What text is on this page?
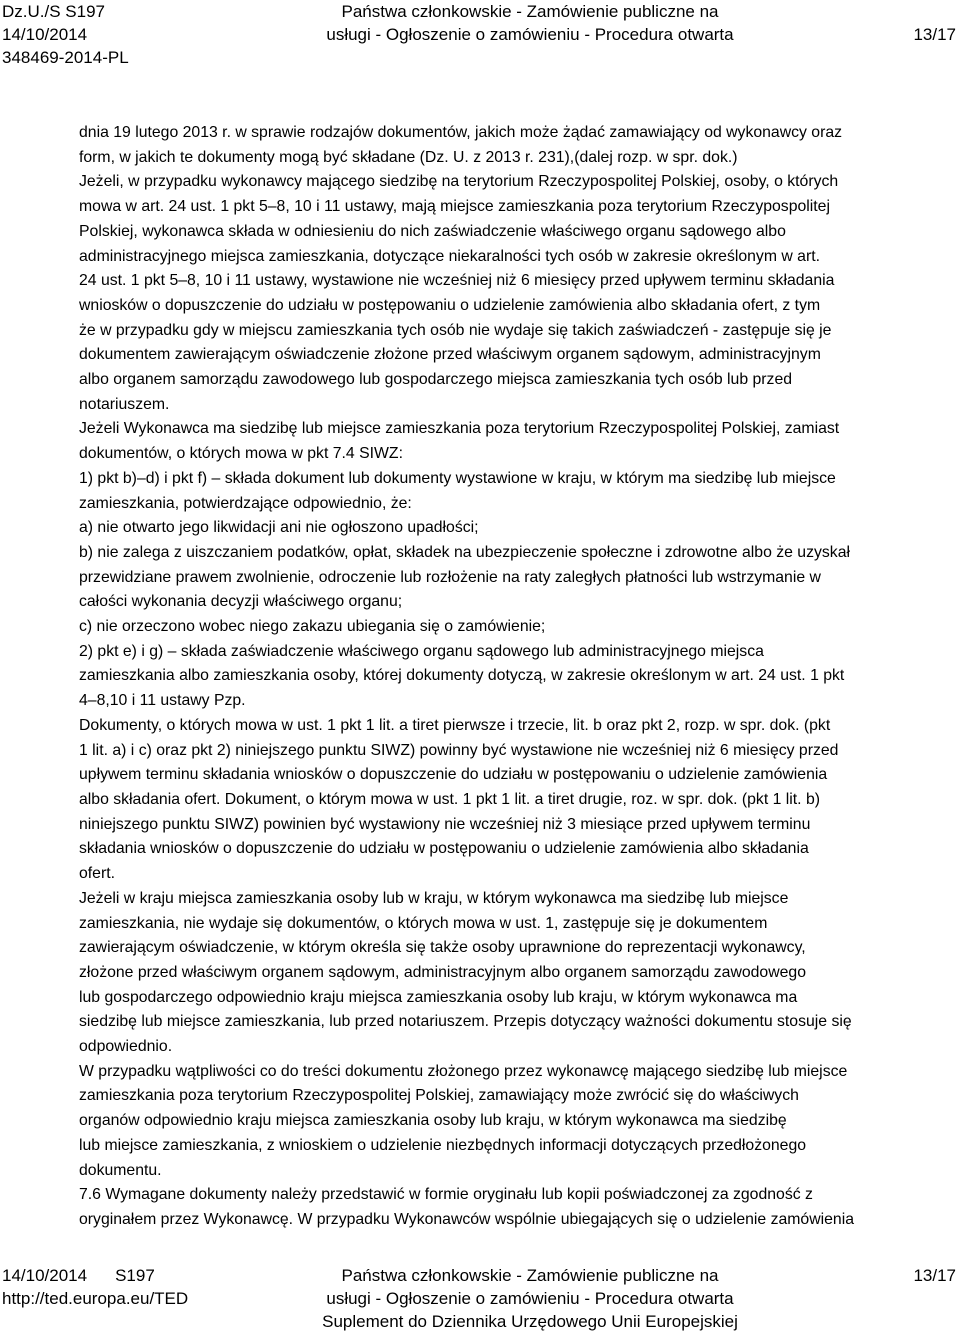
Dz.U./S S197
14/10/2014
348469-2014-PL
Państwa członkowskie - Zamówienie publiczne na
usługi - Ogłoszenie o zamówieniu - Procedura otwarta	13/17

dnia 19 lutego 2013 r. w sprawie rodzajów dokumentów, jakich może żądać zamawiający od wykonawcy oraz

form, w jakich te dokumenty mogą być składane (Dz. U. z 2013 r. 231),(dalej rozp. w spr. dok.)

Jeżeli, w przypadku wykonawcy mającego siedzibę na terytorium Rzeczypospolitej Polskiej, osoby, o których

mowa w art. 24 ust. 1 pkt 5–8, 10 i 11 ustawy, mają miejsce zamieszkania poza terytorium Rzeczypospolitej

Polskiej, wykonawca składa w odniesieniu do nich zaświadczenie właściwego organu sądowego albo

administracyjnego miejsca zamieszkania, dotyczące niekaralności tych osób w zakresie określonym w art.

24 ust. 1 pkt 5–8, 10 i 11 ustawy, wystawione nie wcześniej niż 6 miesięcy przed upływem terminu składania

wniosków o dopuszczenie do udziału w postępowaniu o udzielenie zamówienia albo składania ofert, z tym

że w przypadku gdy w miejscu zamieszkania tych osób nie wydaje się takich zaświadczeń - zastępuje się je

dokumentem zawierającym oświadczenie złożone przed właściwym organem sądowym, administracyjnym

albo organem samorządu zawodowego lub gospodarczego miejsca zamieszkania tych osób lub przed

notariuszem.

Jeżeli Wykonawca ma siedzibę lub miejsce zamieszkania poza terytorium Rzeczypospolitej Polskiej, zamiast

dokumentów, o których mowa w pkt 7.4 SIWZ:

1) pkt b)–d) i pkt f) – składa dokument lub dokumenty wystawione w kraju, w którym ma siedzibę lub miejsce

zamieszkania, potwierdzające odpowiednio, że:

a) nie otwarto jego likwidacji ani nie ogłoszono upadłości;

b) nie zalega z uiszczaniem podatków, opłat, składek na ubezpieczenie społeczne i zdrowotne albo że uzyskał

przewidziane prawem zwolnienie, odroczenie lub rozłożenie na raty zaległych płatności lub wstrzymanie w

całości wykonania decyzji właściwego organu;

c) nie orzeczono wobec niego zakazu ubiegania się o zamówienie;

2) pkt e) i g) – składa zaświadczenie właściwego organu sądowego lub administracyjnego miejsca

zamieszkania albo zamieszkania osoby, której dokumenty dotyczą, w zakresie określonym w art. 24 ust. 1 pkt

4–8,10 i 11 ustawy Pzp.

Dokumenty, o których mowa w ust. 1 pkt 1 lit. a tiret pierwsze i trzecie, lit. b oraz pkt 2, rozp. w spr. dok. (pkt

1 lit. a) i c) oraz pkt 2) niniejszego punktu SIWZ) powinny być wystawione nie wcześniej niż 6 miesięcy przed

upływem terminu składania wniosków o dopuszczenie do udziału w postępowaniu o udzielenie zamówienia

albo składania ofert. Dokument, o którym mowa w ust. 1 pkt 1 lit. a tiret drugie, roz. w spr. dok. (pkt 1 lit. b)

niniejszego punktu SIWZ) powinien być wystawiony nie wcześniej niż 3 miesiące przed upływem terminu

składania wniosków o dopuszczenie do udziału w postępowaniu o udzielenie zamówienia albo składania

ofert.

Jeżeli w kraju miejsca zamieszkania osoby lub w kraju, w którym wykonawca ma siedzibę lub miejsce

zamieszkania, nie wydaje się dokumentów, o których mowa w ust. 1, zastępuje się je dokumentem

zawierającym oświadczenie, w którym określa się także osoby uprawnione do reprezentacji wykonawcy,

złożone przed właściwym organem sądowym, administracyjnym albo organem samorządu zawodowego

lub gospodarczego odpowiednio kraju miejsca zamieszkania osoby lub kraju, w którym wykonawca ma

siedzibę lub miejsce zamieszkania, lub przed notariuszem. Przepis dotyczący ważności dokumentu stosuje się

odpowiednio.

W przypadku wątpliwości co do treści dokumentu złożonego przez wykonawcę mającego siedzibę lub miejsce

zamieszkania poza terytorium Rzeczypospolitej Polskiej, zamawiający może zwrócić się do właściwych

organów odpowiednio kraju miejsca zamieszkania osoby lub kraju, w którym wykonawca ma siedzibę

lub miejsce zamieszkania, z wnioskiem o udzielenie niezbędnych informacji dotyczących przedłożonego

dokumentu.

7.6 Wymagane dokumenty należy przedstawić w formie oryginału lub kopii poświadczonej za zgodność z

oryginałem przez Wykonawcę. W przypadku Wykonawców wspólnie ubiegających się o udzielenie zamówienia

14/10/2014 S197
http://ted.europa.eu/TED
Państwa członkowskie - Zamówienie publiczne na
usługi - Ogłoszenie o zamówieniu - Procedura otwarta
Suplement do Dziennika Urzędowego Unii Europejskiej
13/17
